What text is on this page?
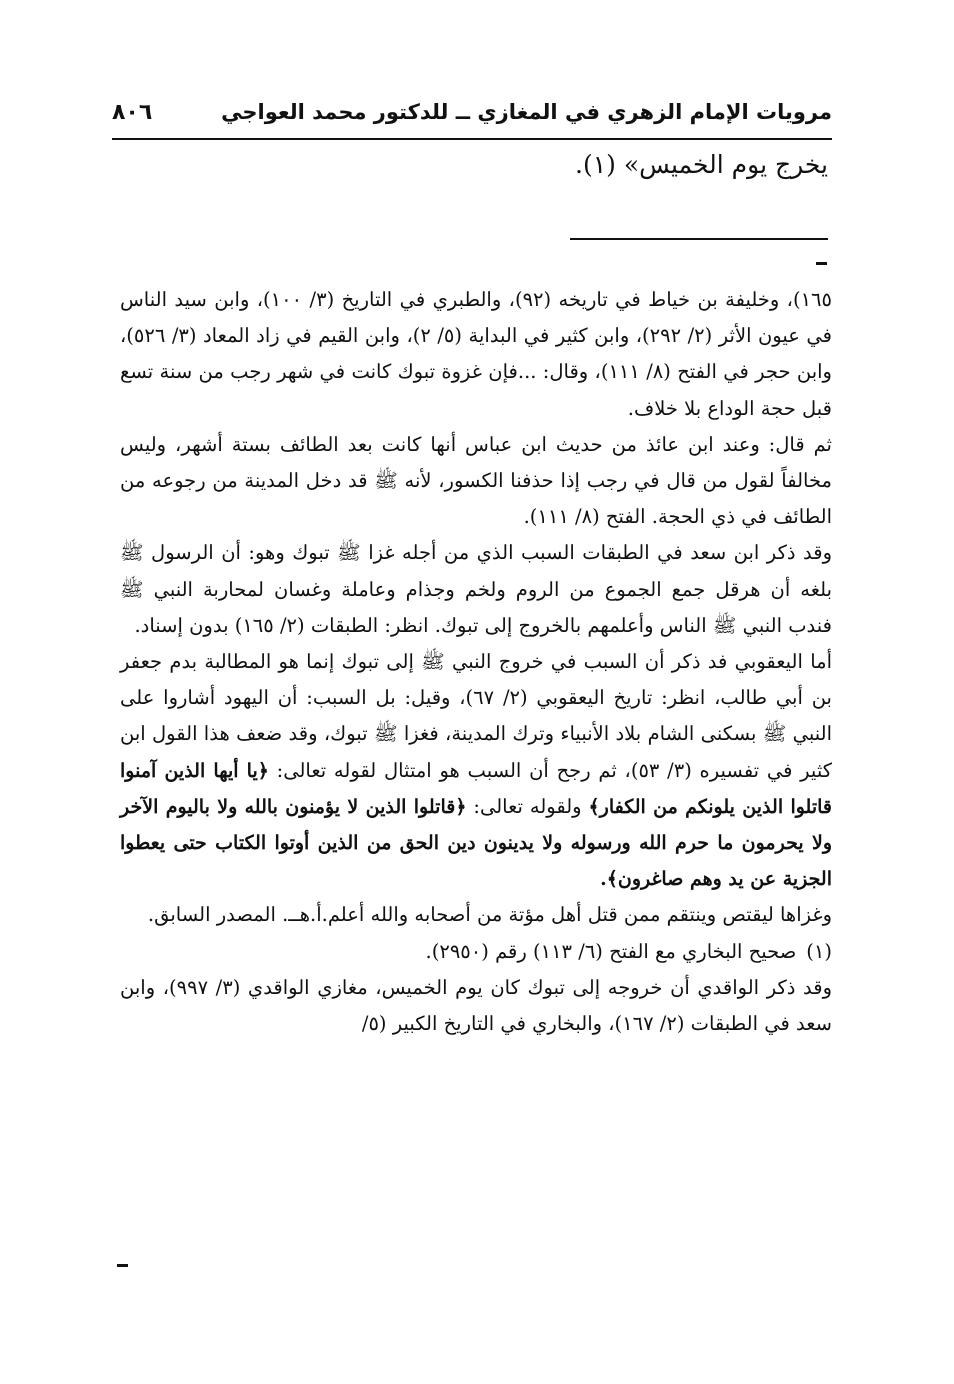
مرويات الإمام الزهري في المغازي ــ للدكتور محمد العواجي
٨٠٦
يخرج يوم الخميس» (١).

١٦٥)، وخليفة بن خياط في تاريخه (٩٢)، والطبري في التاريخ (٣/ ١٠٠)، وابن سيد الناس في عيون الأثر (٢/ ٢٩٢)، وابن كثير في البداية (٥/ ٢)، وابن القيم في زاد المعاد (٣/ ٥٢٦)، وابن حجر في الفتح (٨/ ١١١)، وقال: ...فإن غزوة تبوك كانت في شهر رجب من سنة تسع قبل حجة الوداع بلا خلاف.

ثم قال: وعند ابن عائذ من حديث ابن عباس أنها كانت بعد الطائف بستة أشهر، وليس مخالفاً لقول من قال في رجب إذا حذفنا الكسور، لأنه ﷺ قد دخل المدينة من رجوعه من الطائف في ذي الحجة. الفتح (٨/ ١١١).

وقد ذكر ابن سعد في الطبقات السبب الذي من أجله غزا ﷺ تبوك وهو: أن الرسول ﷺ بلغه أن هرقل جمع الجموع من الروم ولخم وجذام وعاملة وغسان لمحاربة النبي ﷺ فندب النبي ﷺ الناس وأعلمهم بالخروج إلى تبوك. انظر: الطبقات (٢/ ١٦٥) بدون إسناد.

أما اليعقوبي فد ذكر أن السبب في خروج النبي ﷺ إلى تبوك إنما هو المطالبة بدم جعفر بن أبي طالب، انظر: تاريخ اليعقوبي (٢/ ٦٧)، وقيل: بل السبب: أن اليهود أشاروا على النبي ﷺ بسكنى الشام بلاد الأنبياء وترك المدينة، فغزا ﷺ تبوك، وقد ضعف هذا القول ابن كثير في تفسيره (٣/ ٥٣)، ثم رجح أن السبب هو امتثال لقوله تعالى: ﴿يا أيها الذين آمنوا قاتلوا الذين يلونكم من الكفار﴾ ولقوله تعالى: ﴿قاتلوا الذين لا يؤمنون بالله ولا باليوم الآخر ولا يحرمون ما حرم الله ورسوله ولا يدينون دين الحق من الذين أوتوا الكتاب حتى يعطوا الجزية عن يد وهم صاغرون﴾.

وغزاها ليقتص وينتقم ممن قتل أهل مؤتة من أصحابه والله أعلم.أ.هــ. المصدر السابق.

(١)صحيح البخاري مع الفتح (٦/ ١١٣) رقم (٢٩٥٠).

وقد ذكر الواقدي أن خروجه إلى تبوك كان يوم الخميس، مغازي الواقدي (٣/ ٩٩٧)، وابن سعد في الطبقات (٢/ ١٦٧)، والبخاري في التاريخ الكبير (٥/
